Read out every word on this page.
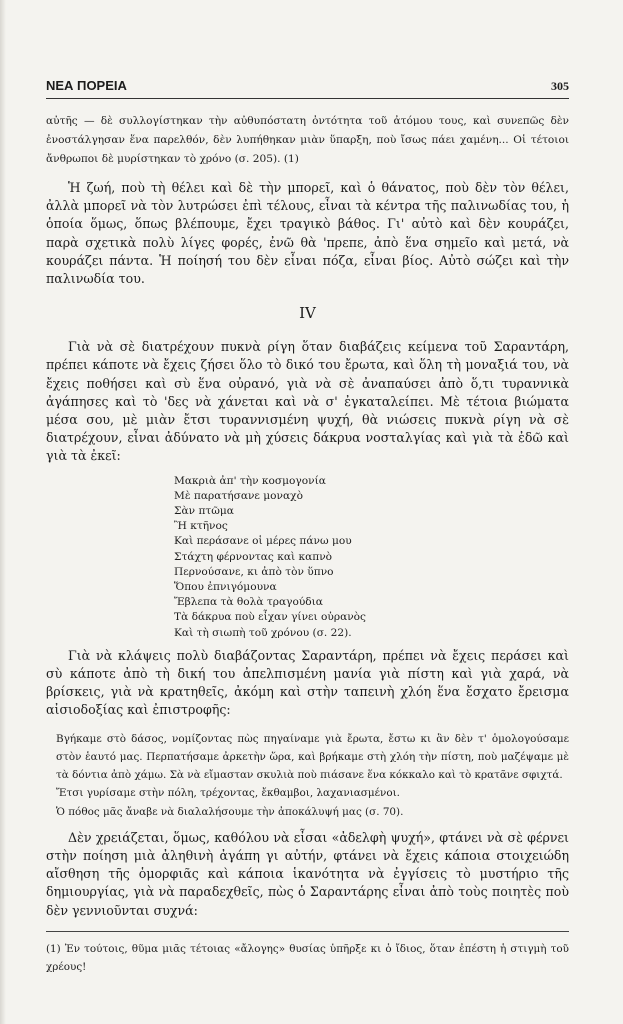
ΝΕΑ ΠΟΡΕΙΑ	305

αὐτῆς — δὲ συλλογίστηκαν τὴν αὐθυπόστατη ὀντότητα τοῦ ἀτόμου τους, καὶ συνεπῶς δὲν ἐνοστάλγησαν ἕνα παρελθόν, δὲν λυπήθηκαν μιὰν ὕπαρξη, ποὺ ἴσως πάει χαμένη... Οἱ τέτοιοι ἄνθρωποι δὲ μυρίστηκαν τὸ χρόνο (σ. 205). (1)

Ἡ ζωή, ποὺ τὴ θέλει καὶ δὲ τὴν μπορεῖ, καὶ ὁ θάνατος, ποὺ δὲν τὸν θέλει, ἀλλὰ μπορεῖ νὰ τὸν λυτρώσει ἐπὶ τέλους, εἶναι τὰ κέντρα τῆς παλινωδίας του, ἡ ὁποία ὅμως, ὅπως βλέπουμε, ἔχει τραγικὸ βάθος. Γι' αὐτὸ καὶ δὲν κουράζει, παρὰ σχετικὰ πολὺ λίγες φορές, ἐνῶ θὰ 'πρεπε, ἀπὸ ἕνα σημεῖο καὶ μετά, νὰ κουράζει πάντα. Ἡ ποίησή του δὲν εἶναι πόζα, εἶναι βίος. Αὐτὸ σώζει καὶ τὴν παλινωδία του.

IV

Γιὰ νὰ σὲ διατρέχουν πυκνὰ ρίγη ὅταν διαβάζεις κείμενα τοῦ Σαραντάρη, πρέπει κάποτε νὰ ἔχεις ζήσει ὅλο τὸ δικό του ἔρωτα, καὶ ὅλη τὴ μοναξιά του, νὰ ἔχεις ποθήσει καὶ σὺ ἕνα οὐρανό, γιὰ νὰ σὲ ἀναπαύσει ἀπὸ ὅ,τι τυραννικὰ ἀγάπησες καὶ τὸ 'δες νὰ χάνεται καὶ νὰ σ' ἐγκαταλείπει. Μὲ τέτοια βιώματα μέσα σου, μὲ μιὰν ἔτσι τυραννισμένη ψυχή, θὰ νιώσεις πυκνὰ ρίγη νὰ σὲ διατρέχουν, εἶναι ἀδύνατο νὰ μὴ χύσεις δάκρυα νοσταλγίας καὶ γιὰ τὰ ἐδῶ καὶ γιὰ τὰ ἐκεῖ:

Μακριὰ ἀπ' τὴν κοσμογονία
Μὲ παρατήσανε μοναχὸ
Σὰν πτῶμα
Ἢ κτῆνος
Καὶ περάσανε οἱ μέρες πάνω μου
Στάχτη φέρνοντας καὶ καπνὸ
Περνούσανε, κι ἀπὸ τὸν ὕπνο
Ὅπου ἐπνιγόμουνα
Ἔβλεπα τὰ θολὰ τραγούδια
Τὰ δάκρυα ποὺ εἶχαν γίνει οὐρανὸς
Καὶ τὴ σιωπὴ τοῦ χρόνου (σ. 22).

Γιὰ νὰ κλάψεις πολὺ διαβάζοντας Σαραντάρη, πρέπει νὰ ἔχεις περάσει καὶ σὺ κάποτε ἀπὸ τὴ δική του ἀπελπισμένη μανία γιὰ πίστη καὶ γιὰ χαρά, νὰ βρίσκεις, γιὰ νὰ κρατηθεῖς, ἀκόμη καὶ στὴν ταπεινὴ χλόη ἕνα ἔσχατο ἔρεισμα αἰσιοδοξίας καὶ ἐπιστροφῆς:

Βγήκαμε στὸ δάσος, νομίζοντας πὼς πηγαίναμε γιὰ ἔρωτα, ἔστω κι ἂν δὲν τ' ὁμολογούσαμε στὸν ἑαυτό μας. Περπατήσαμε ἀρκετὴν ὥρα, καὶ βρήκαμε στὴ χλόη τὴν πίστη, ποὺ μαζέψαμε μὲ τὰ δόντια ἀπὸ χάμω. Σὰ νὰ εἴμασταν σκυλιὰ ποὺ πιάσανε ἕνα κόκκαλο καὶ τὸ κρατᾶνε σφιχτά.

Ἔτσι γυρίσαμε στὴν πόλη, τρέχοντας, ἔκθαμβοι, λαχανιασμένοι.

Ὁ πόθος μᾶς ἄναβε νὰ διαλαλήσουμε τὴν ἀποκάλυψή μας (σ. 70).

Δὲν χρειάζεται, ὅμως, καθόλου νὰ εἶσαι «ἀδελφὴ ψυχή», φτάνει νὰ σὲ φέρνει στὴν ποίηση μιὰ ἀληθινὴ ἀγάπη γι αὐτήν, φτάνει νὰ ἔχεις κάποια στοιχειώδη αἴσθηση τῆς ὁμορφιᾶς καὶ κάποια ἱκανότητα νὰ ἐγγίσεις τὸ μυστήριο τῆς δημιουργίας, γιὰ νὰ παραδεχθεῖς, πὼς ὁ Σαραντάρης εἶναι ἀπὸ τοὺς ποιητὲς ποὺ δὲν γεννιοῦνται συχνά:

(1) Ἐν τούτοις, θῦμα μιᾶς τέτοιας «ἄλογης» θυσίας ὑπῆρξε κι ὁ ἴδιος, ὅταν ἐπέστη ἡ στιγμὴ τοῦ χρέους!
